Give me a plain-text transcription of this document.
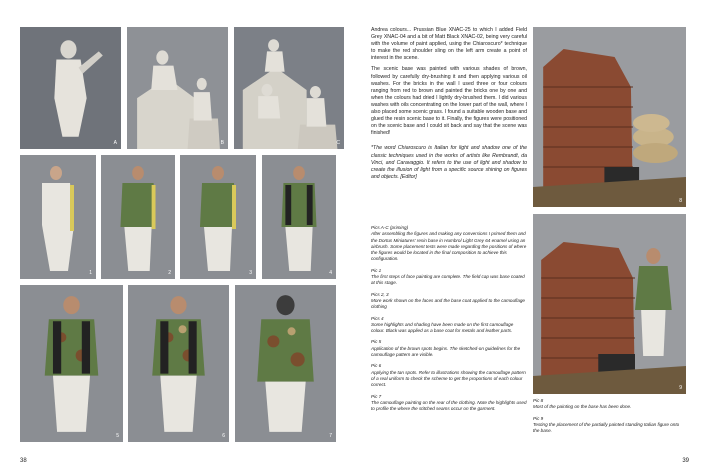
A	B	C
1	2	3	4
5	6	7
38

Andrea colours... Prussian Blue XNAC-25 to which I added Field Grey XNAC-04 and a bit of Matt Black XNAC-02, being very careful with the volume of paint applied, using the Chiaroscuro* technique to make the red shoulder sling on the left arm create a point of interest in the scene.

The scenic base was painted with various shades of brown, followed by carefully dry-brushing it and then applying various oil washes. For the bricks in the wall I used three or four colours ranging from red to brown and painted the bricks one by one and when the colours had dried I lightly dry-brushed them. I did various washes with oils concentrating on the lower part of the wall, where I also placed some scenic grass. I found a suitable wooden base and glued the resin scenic base to it. Finally, the figures were positioned on the scenic base and I could sit back and say that the scene was finished!

*The word Chiaroscuro is Italian for light and shadow one of the classic techniques used in the works of artists like Rembrandt, da Vinci, and Caravaggio. It refers to the use of light and shadow to create the illusion of light from a specific source shining on figures and objects. [Editor]

Pics A-C (priming)

After assembling the figures and making any conversions I primed them and the Dortus Miniatures' resin base in Humbrol Light Grey 64 enamel using an airbrush. Some placement tests were made regarding the positions of where the figures would be located in the final composition to achieve this configuration.

Pic 1

The first steps of face painting are complete. The field cap was base coated at this stage.

Pics 2, 3

More work shown on the faces and the base coat applied to the camouflage clothing

Pics 4

Some highlights and shading have been made on the first camouflage colour. Black was applied as a base coat for metals and leather parts.

Pic 5

Application of the brown spots begins. The sketched-on guidelines for the camouflage pattern are visible.

Pic 6

Applying the tan spots. Refer to illustrations showing the camouflage pattern of a real uniform to check the scheme to get the proportions of each colour correct.

Pic 7

The camouflage painting on the rear of the clothing. Note the highlights used to profile the where the stitched seams occur on the garment.

8
9

Pic 8

Most of the painting on the base has been done.

Pic 9

Testing the placement of the partially painted standing Italian figure onto the base.

39
